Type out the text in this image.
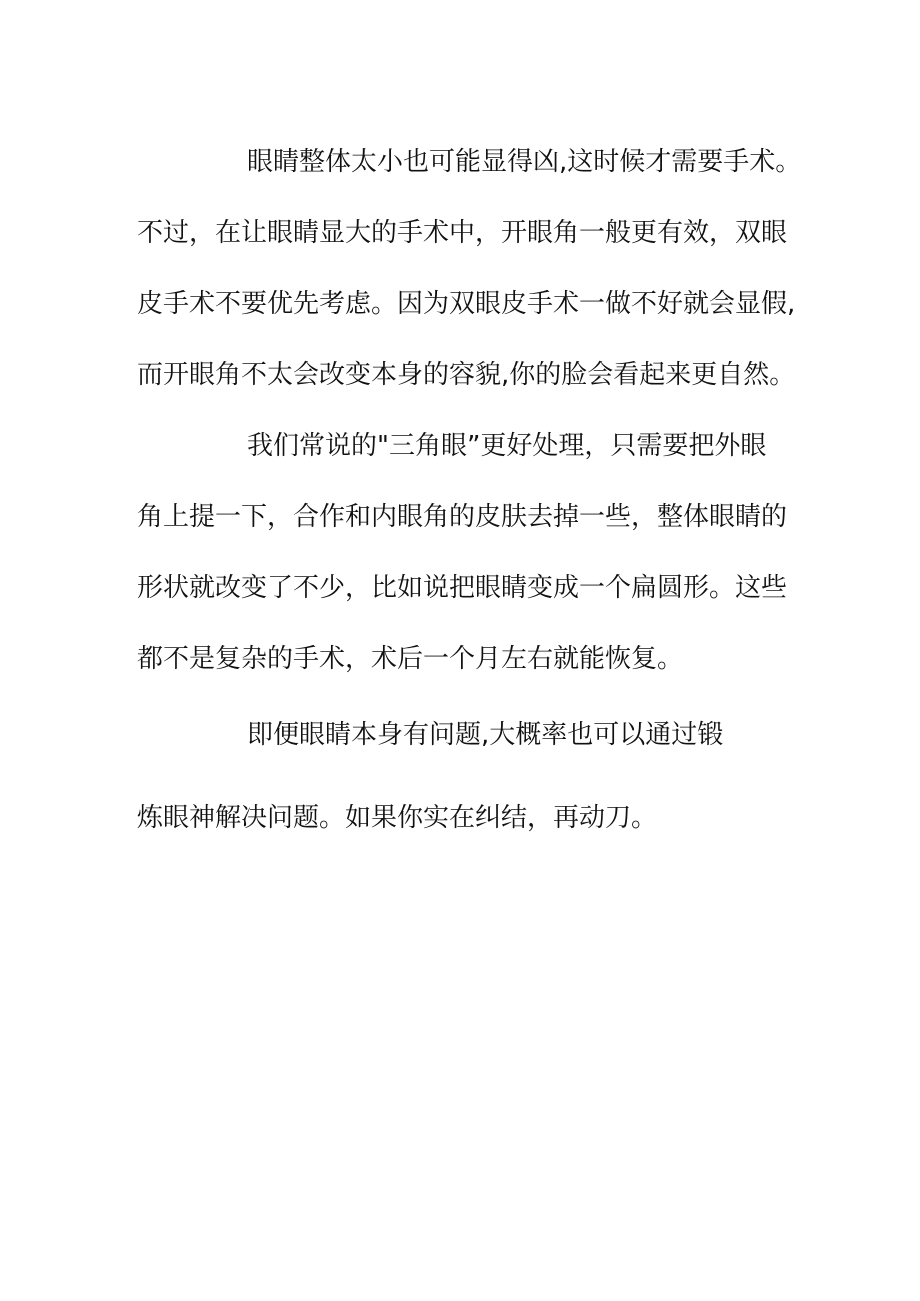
眼睛整体太小也可能显得凶,这时候才需要手术。
不过，在让眼睛显大的手术中，开眼角一般更有效，双眼
皮手术不要优先考虑。因为双眼皮手术一做不好就会显假,
而开眼角不太会改变本身的容貌,你的脸会看起来更自然。
我们常说的"三角眼”更好处理，只需要把外眼
角上提一下，合作和内眼角的皮肤去掉一些，整体眼睛的
形状就改变了不少，比如说把眼睛变成一个扁圆形。这些
都不是复杂的手术，术后一个月左右就能恢复。
即便眼睛本身有问题,大概率也可以通过锻
炼眼神解决问题。如果你实在纠结，再动刀。
